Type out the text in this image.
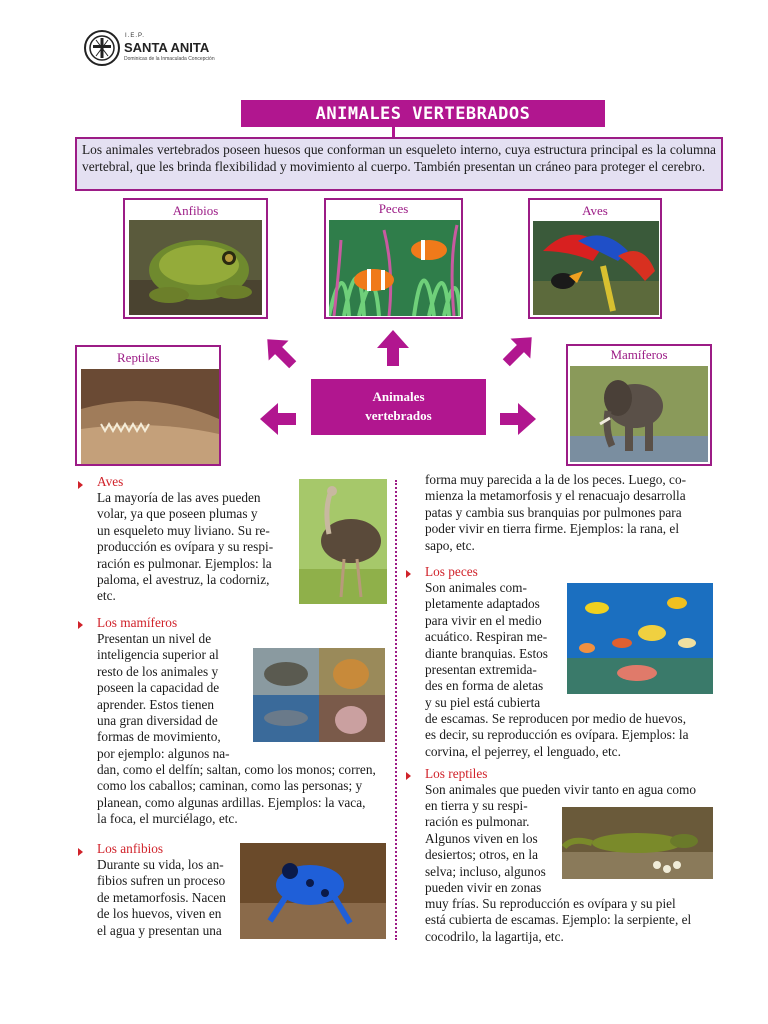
I.E.P.
SANTA ANITA
Dominicas de la Inmaculada Concepción
ANIMALES VERTEBRADOS
Los animales vertebrados poseen huesos que conforman un esqueleto interno, cuya estructura principal es la columna vertebral, que les brinda flexibilidad y movimiento al cuerpo. También presentan un cráneo para proteger el cerebro.
Anfibios	Peces	Aves
Reptiles	Mamíferos
Animales
vertebrados
Aves
La mayoría de las aves pueden
volar, ya que poseen plumas y
un esqueleto muy liviano. Su re-
producción es ovípara y su respi-
ración es pulmonar. Ejemplos: la
paloma, el avestruz, la codorniz,
etc.
Los mamíferos
Presentan un nivel de
inteligencia superior al
resto de los animales y
poseen la capacidad de
aprender. Estos tienen
una gran diversidad de
formas de movimiento,
por ejemplo: algunos na-
dan, como el delfín; saltan, como los monos; corren,
como los caballos; caminan, como las personas; y
planean, como algunas ardillas. Ejemplos: la vaca,
la foca, el murciélago, etc.
Los anfibios
Durante su vida, los an-
fibios sufren un proceso
de metamorfosis. Nacen
de los huevos, viven en
el agua y presentan una
forma muy parecida a la de los peces. Luego, co-
mienza la metamorfosis y el renacuajo desarrolla
patas y cambia sus branquias por pulmones para
poder vivir en tierra firme. Ejemplos: la rana, el
sapo, etc.
Los peces
Son animales com-
pletamente adaptados
para vivir en el medio
acuático. Respiran me-
diante branquias. Estos
presentan extremida-
des en forma de aletas
y su piel está cubierta
de escamas. Se reproducen por medio de huevos,
es decir, su reproducción es ovípara. Ejemplos: la
corvina, el pejerrey, el lenguado, etc.
Los reptiles
Son animales que pueden vivir tanto en agua como
en tierra y su respi-
ración es pulmonar.
Algunos viven en los
desiertos; otros, en la
selva; incluso, algunos
pueden vivir en zonas
muy frías. Su reproducción es ovípara y su piel
está cubierta de escamas. Ejemplo: la serpiente, el
cocodrilo, la lagartija, etc.
